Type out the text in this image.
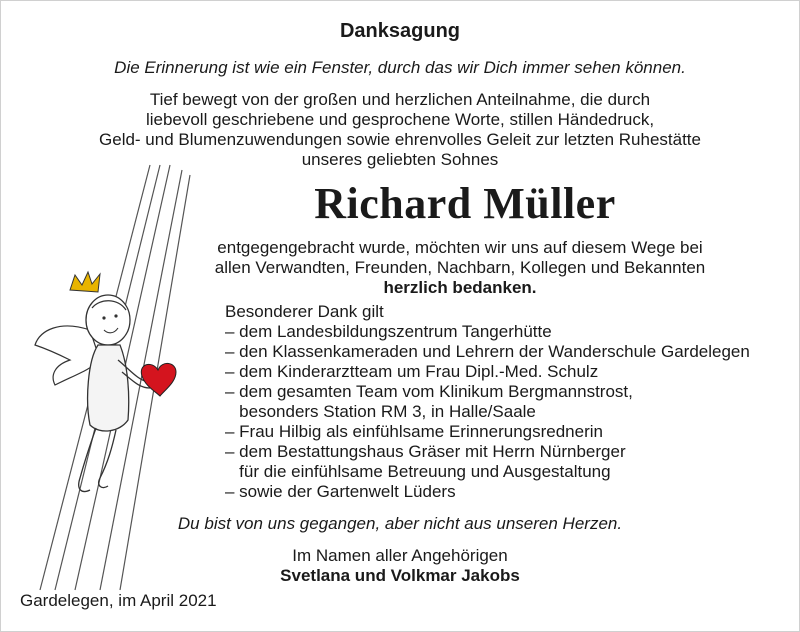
Danksagung
Die Erinnerung ist wie ein Fenster, durch das wir Dich immer sehen können.
Tief bewegt von der großen und herzlichen Anteilnahme, die durch
liebevoll geschriebene und gesprochene Worte, stillen Händedruck,
Geld- und Blumenzuwendungen sowie ehrenvolles Geleit zur letzten Ruhestätte
unseres geliebten Sohnes
Richard Müller
entgegengebracht wurde, möchten wir uns auf diesem Wege bei
allen Verwandten, Freunden, Nachbarn, Kollegen und Bekannten
herzlich bedanken.
Besonderer Dank gilt
– dem Landesbildungszentrum Tangerhütte
– den Klassenkameraden und Lehrern der Wanderschule Gardelegen
– dem Kinderarztteam um Frau Dipl.-Med. Schulz
– dem gesamten Team vom Klinikum Bergmannstrost,
besonders Station RM 3, in Halle/Saale
– Frau Hilbig als einfühlsame Erinnerungsrednerin
– dem Bestattungshaus Gräser mit Herrn Nürnberger
für die einfühlsame Betreuung und Ausgestaltung
– sowie der Gartenwelt Lüders
Du bist von uns gegangen, aber nicht aus unseren Herzen.
Im Namen aller Angehörigen
Svetlana und Volkmar Jakobs
Gardelegen, im April 2021
